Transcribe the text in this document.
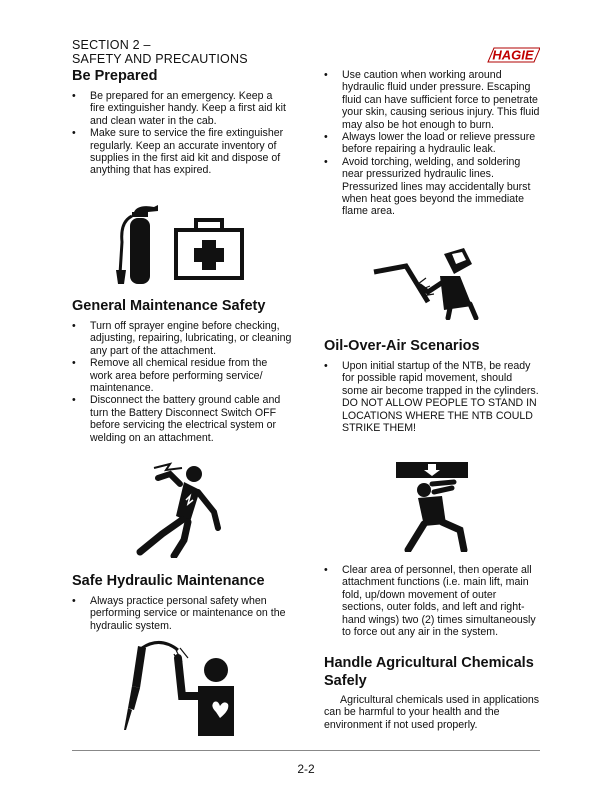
SECTION 2 –
SAFETY AND PRECAUTIONS	HAGIE
Be Prepared
• Be prepared for an emergency. Keep a fire extinguisher handy. Keep a first aid kit and clean water in the cab.
• Make sure to service the fire extinguisher regularly. Keep an accurate inventory of supplies in the first aid kit and dispose of anything that has expired.
General Maintenance Safety
• Turn off sprayer engine before checking, adjusting, repairing, lubricating, or cleaning any part of the attachment.
• Remove all chemical residue from the work area before performing service/ maintenance.
• Disconnect the battery ground cable and turn the Battery Disconnect Switch OFF before servicing the electrical system or welding on an attachment.
Safe Hydraulic Maintenance
• Always practice personal safety when performing service or maintenance on the hydraulic system.
• Use caution when working around hydraulic fluid under pressure. Escaping fluid can have sufficient force to penetrate your skin, causing serious injury. This fluid may also be hot enough to burn.
• Always lower the load or relieve pressure before repairing a hydraulic leak.
• Avoid torching, welding, and soldering near pressurized hydraulic lines. Pressurized lines may accidentally burst when heat goes beyond the immediate flame area.
Oil-Over-Air Scenarios
• Upon initial startup of the NTB, be ready for possible rapid movement, should some air become trapped in the cylinders.
DO NOT ALLOW PEOPLE TO STAND IN LOCATIONS WHERE THE NTB COULD STRIKE THEM!
• Clear area of personnel, then operate all attachment functions (i.e. main lift, main fold, up/down movement of outer sections, outer folds, and left and right-hand wings) two (2) times simultaneously to force out any air in the system.
Handle Agricultural Chemicals Safely
Agricultural chemicals used in applications can be harmful to your health and the environment if not used properly.
2-2
